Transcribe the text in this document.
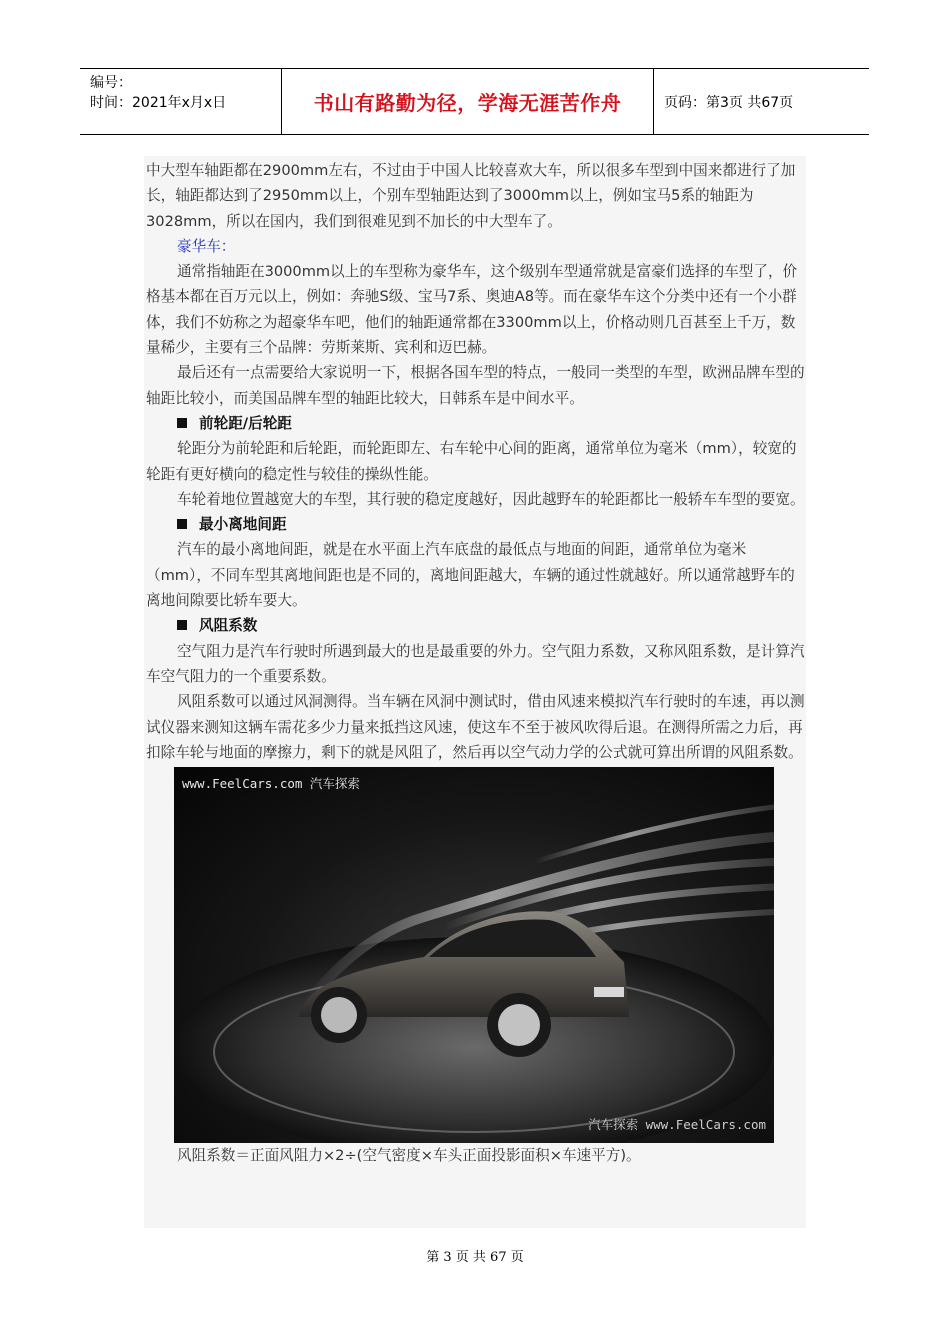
编号：
时间：2021年x月x日	书山有路勤为径，学海无涯苦作舟	页码：第3页 共67页

中大型车轴距都在2900mm左右，不过由于中国人比较喜欢大车，所以很多车型到中国来都进行了加长，轴距都达到了2950mm以上，个别车型轴距达到了3000mm以上，例如宝马5系的轴距为3028mm，所以在国内，我们到很难见到不加长的中大型车了。

豪华车：

通常指轴距在3000mm以上的车型称为豪华车，这个级别车型通常就是富豪们选择的车型了，价格基本都在百万元以上，例如：奔驰S级、宝马7系、奥迪A8等。而在豪华车这个分类中还有一个小群体，我们不妨称之为超豪华车吧，他们的轴距通常都在3300mm以上，价格动则几百甚至上千万，数量稀少，主要有三个品牌：劳斯莱斯、宾利和迈巴赫。

最后还有一点需要给大家说明一下，根据各国车型的特点，一般同一类型的车型，欧洲品牌车型的轴距比较小，而美国品牌车型的轴距比较大，日韩系车是中间水平。

前轮距/后轮距

轮距分为前轮距和后轮距，而轮距即左、右车轮中心间的距离，通常单位为毫米（mm），较宽的轮距有更好横向的稳定性与较佳的操纵性能。

车轮着地位置越宽大的车型，其行驶的稳定度越好，因此越野车的轮距都比一般轿车车型的要宽。

最小离地间距

汽车的最小离地间距，就是在水平面上汽车底盘的最低点与地面的间距，通常单位为毫米（mm），不同车型其离地间距也是不同的，离地间距越大，车辆的通过性就越好。所以通常越野车的离地间隙要比轿车要大。

风阻系数

空气阻力是汽车行驶时所遇到最大的也是最重要的外力。空气阻力系数，又称风阻系数，是计算汽车空气阻力的一个重要系数。

风阻系数可以通过风洞测得。当车辆在风洞中测试时，借由风速来模拟汽车行驶时的车速，再以测试仪器来测知这辆车需花多少力量来抵挡这风速，使这车不至于被风吹得后退。在测得所需之力后，再扣除车轮与地面的摩擦力，剩下的就是风阻了，然后再以空气动力学的公式就可算出所谓的风阻系数。

www.FeelCars.com 汽车探索
汽车探索 www.FeelCars.com

风阻系数＝正面风阻力×2÷(空气密度×车头正面投影面积×车速平方)。

第 3 页 共 67 页
